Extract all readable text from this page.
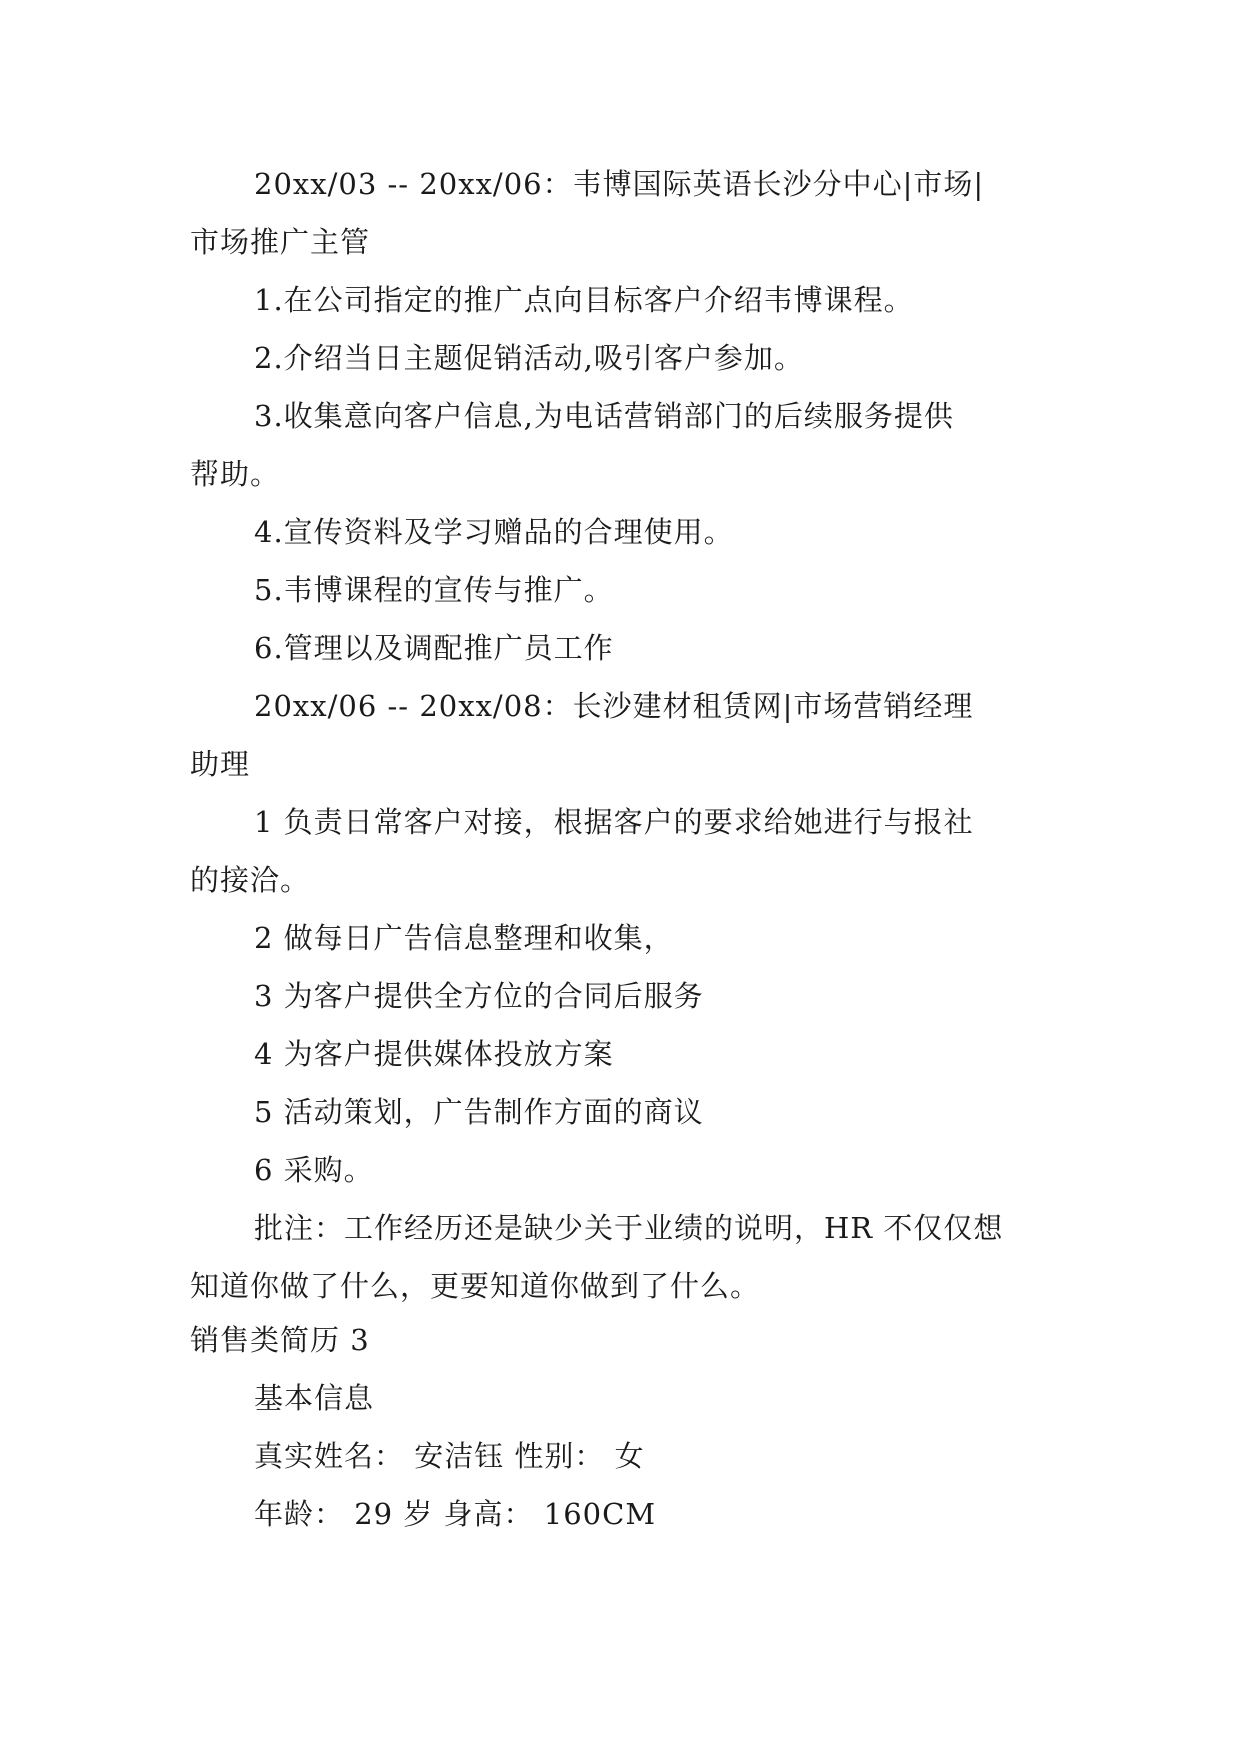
20xx/03 -- 20xx/06：韦博国际英语长沙分中心|市场|
市场推广主管
1.在公司指定的推广点向目标客户介绍韦博课程。
2.介绍当日主题促销活动,吸引客户参加。
3.收集意向客户信息,为电话营销部门的后续服务提供
帮助。
4.宣传资料及学习赠品的合理使用。
5.韦博课程的宣传与推广。
6.管理以及调配推广员工作
20xx/06 -- 20xx/08：长沙建材租赁网|市场营销经理
助理
1 负责日常客户对接，根据客户的要求给她进行与报社
的接洽。
2 做每日广告信息整理和收集，
3 为客户提供全方位的合同后服务
4 为客户提供媒体投放方案
5 活动策划，广告制作方面的商议
6 采购。
批注：工作经历还是缺少关于业绩的说明，HR 不仅仅想
知道你做了什么，更要知道你做到了什么。
销售类简历 3
基本信息
真实姓名： 安洁钰 性别： 女
年龄： 29 岁 身高： 160CM
